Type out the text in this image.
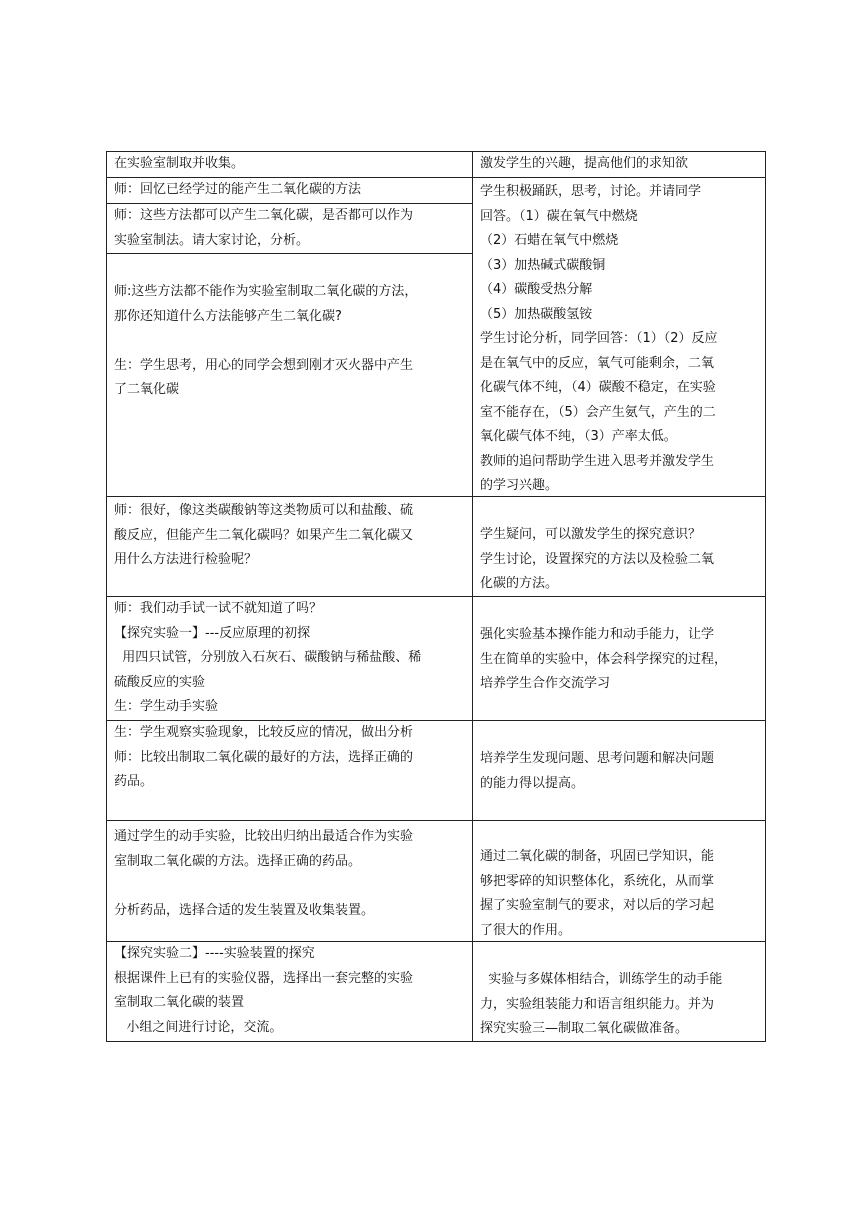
在实验室制取并收集。
师：回忆已经学过的能产生二氧化碳的方法
师：这些方法都可以产生二氧化碳，是否都可以作为
实验室制法。请大家讨论，分析。
师:这些方法都不能作为实验室制取二氧化碳的方法，
那你还知道什么方法能够产生二氧化碳?
生：学生思考，用心的同学会想到刚才灭火器中产生
了二氧化碳
师：很好，像这类碳酸钠等这类物质可以和盐酸、硫
酸反应，但能产生二氧化碳吗？如果产生二氧化碳又
用什么方法进行检验呢？
师：我们动手试一试不就知道了吗？
【探究实验一】---反应原理的初探
用四只试管，分别放入石灰石、碳酸钠与稀盐酸、稀
硫酸反应的实验
生：学生动手实验
生：学生观察实验现象，比较反应的情况，做出分析
师：比较出制取二氧化碳的最好的方法，选择正确的
药品。
通过学生的动手实验，比较出归纳出最适合作为实验
室制取二氧化碳的方法。选择正确的药品。
分析药品，选择合适的发生装置及收集装置。
【探究实验二】----实验装置的探究
根据课件上已有的实验仪器，选择出一套完整的实验
室制取二氧化碳的装置
小组之间进行讨论，交流。
激发学生的兴趣，提高他们的求知欲
学生积极踊跃，思考，讨论。并请同学
回答。（1）碳在氧气中燃烧
（2）石蜡在氧气中燃烧
（3）加热碱式碳酸铜
（4）碳酸受热分解
（5）加热碳酸氢铵
学生讨论分析，同学回答：（1）（2）反应
是在氧气中的反应，氧气可能剩余，二氧
化碳气体不纯，（4）碳酸不稳定，在实验
室不能存在，（5）会产生氨气，产生的二
氧化碳气体不纯，（3）产率太低。
教师的追问帮助学生进入思考并激发学生
的学习兴趣。
学生疑问，可以激发学生的探究意识？
学生讨论，设置探究的方法以及检验二氧
化碳的方法。
强化实验基本操作能力和动手能力，让学
生在简单的实验中，体会科学探究的过程，
培养学生合作交流学习
培养学生发现问题、思考问题和解决问题
的能力得以提高。
通过二氧化碳的制备，巩固已学知识，能
够把零碎的知识整体化，系统化，从而掌
握了实验室制气的要求，对以后的学习起
了很大的作用。
实验与多媒体相结合，训练学生的动手能
力，实验组装能力和语言组织能力。并为
探究实验三—制取二氧化碳做准备。
